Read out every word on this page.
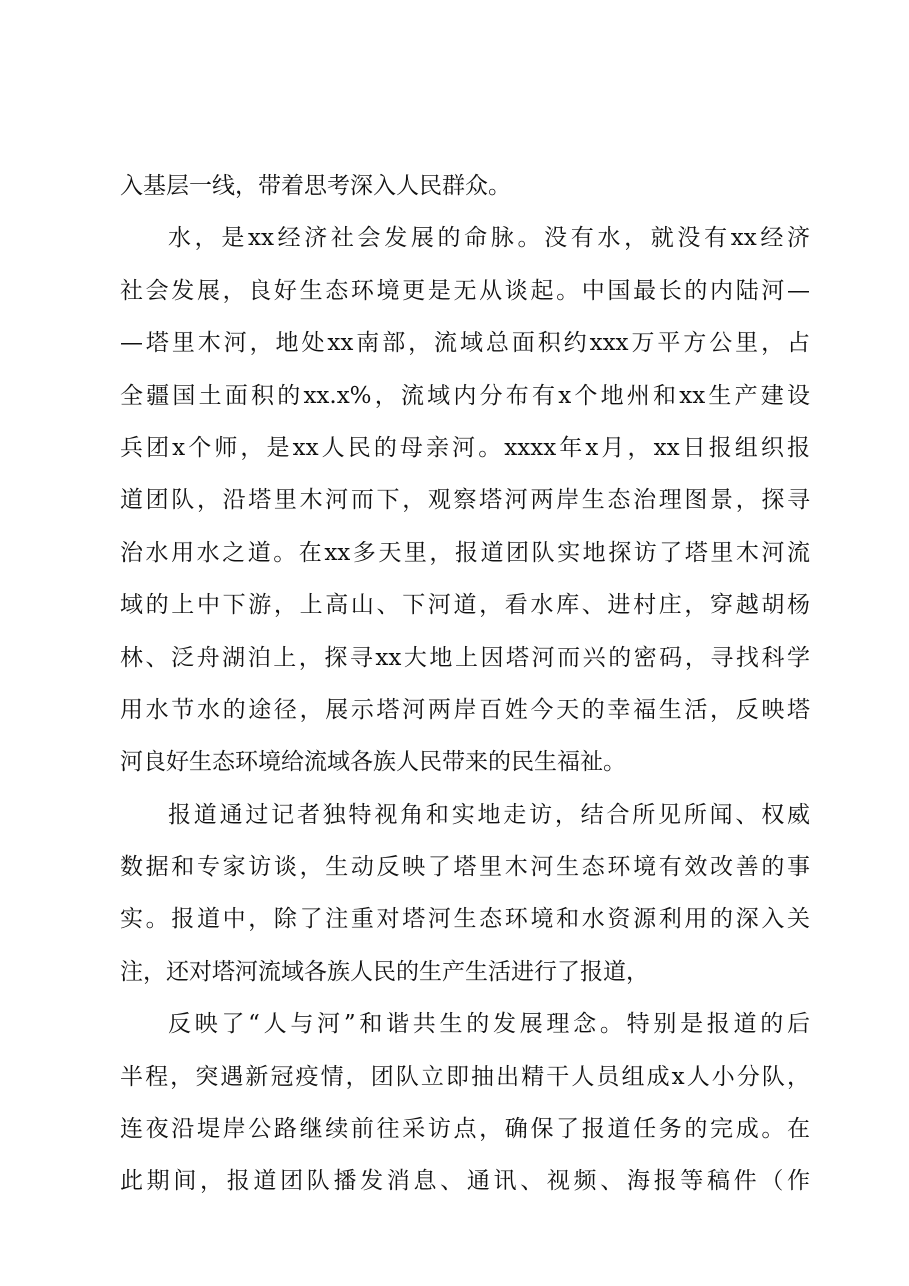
入基层一线，带着思考深入人民群众。
水，是xx经济社会发展的命脉。没有水，就没有xx经济
社会发展，良好生态环境更是无从谈起。中国最长的内陆河—
—塔里木河，地处xx南部，流域总面积约xxx万平方公里，占
全疆国土面积的xx.x%，流域内分布有x个地州和xx生产建设
兵团x个师，是xx人民的母亲河。xxxx年x月，xx日报组织报
道团队，沿塔里木河而下，观察塔河两岸生态治理图景，探寻
治水用水之道。在xx多天里，报道团队实地探访了塔里木河流
域的上中下游，上高山、下河道，看水库、进村庄，穿越胡杨
林、泛舟湖泊上，探寻xx大地上因塔河而兴的密码，寻找科学
用水节水的途径，展示塔河两岸百姓今天的幸福生活，反映塔
河良好生态环境给流域各族人民带来的民生福祉。
报道通过记者独特视角和实地走访，结合所见所闻、权威
数据和专家访谈，生动反映了塔里木河生态环境有效改善的事
实。报道中，除了注重对塔河生态环境和水资源利用的深入关
注，还对塔河流域各族人民的生产生活进行了报道，
反映了“人与河”和谐共生的发展理念。特别是报道的后
半程，突遇新冠疫情，团队立即抽出精干人员组成x人小分队，
连夜沿堤岸公路继续前往采访点，确保了报道任务的完成。在
此期间，报道团队播发消息、通讯、视频、海报等稿件（作
